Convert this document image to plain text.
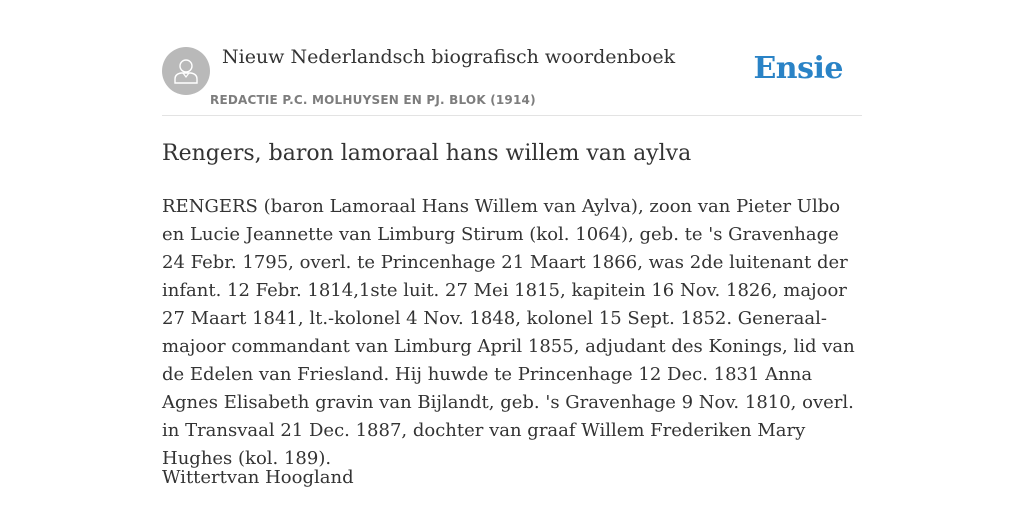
Nieuw Nederlandsch biografisch woordenboek
REDACTIE P.C. MOLHUYSEN EN PJ. BLOK (1914)
Ensie
Rengers, baron lamoraal hans willem van aylva

RENGERS (baron Lamoraal Hans Willem van Aylva), zoon van Pieter Ulbo en Lucie Jeannette van Limburg Stirum (kol. 1064), geb. te 's Gravenhage 24 Febr. 1795, overl. te Princenhage 21 Maart 1866, was 2de luitenant der infant. 12 Febr. 1814,1ste luit. 27 Mei 1815, kapitein 16 Nov. 1826, majoor 27 Maart 1841, lt.-kolonel 4 Nov. 1848, kolonel 15 Sept. 1852. Generaal-majoor commandant van Limburg April 1855, adjudant des Konings, lid van de Edelen van Friesland. Hij huwde te Princenhage 12 Dec. 1831 Anna Agnes Elisabeth gravin van Bijlandt, geb. 's Gravenhage 9 Nov. 1810, overl. in Transvaal 21 Dec. 1887, dochter van graaf Willem Frederiken Mary Hughes (kol. 189).

Wittertvan Hoogland
